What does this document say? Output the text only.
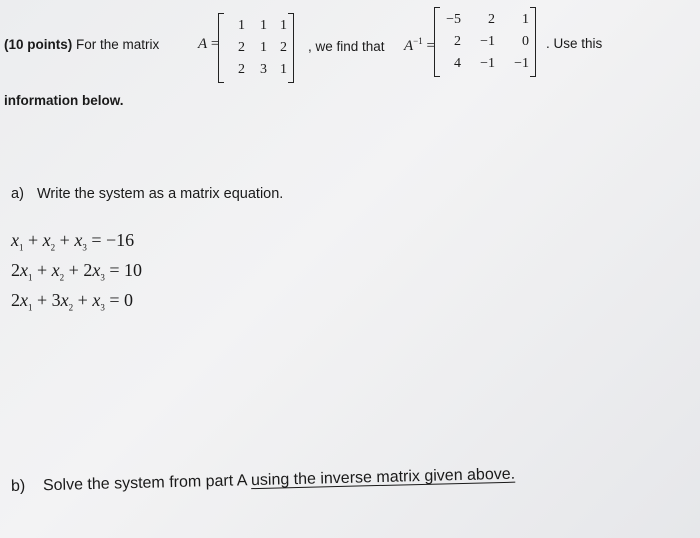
(10 points) For the matrix	A =
1	1 1
2	1 2
2	3 1
, we find that $A^{-1}$ =
−5	2	1
2	−1	0
4	−1	−1
. Use this
information below.
a) Write the system as a matrix equation.
$x_1 + x_2 + x_3 = -16$
$2x_1 + x_2 + 2x_3 = 10$
$2x_1 + 3x_2 + x_3 = 0$
b) Solve the system from part A using the inverse matrix given above.
